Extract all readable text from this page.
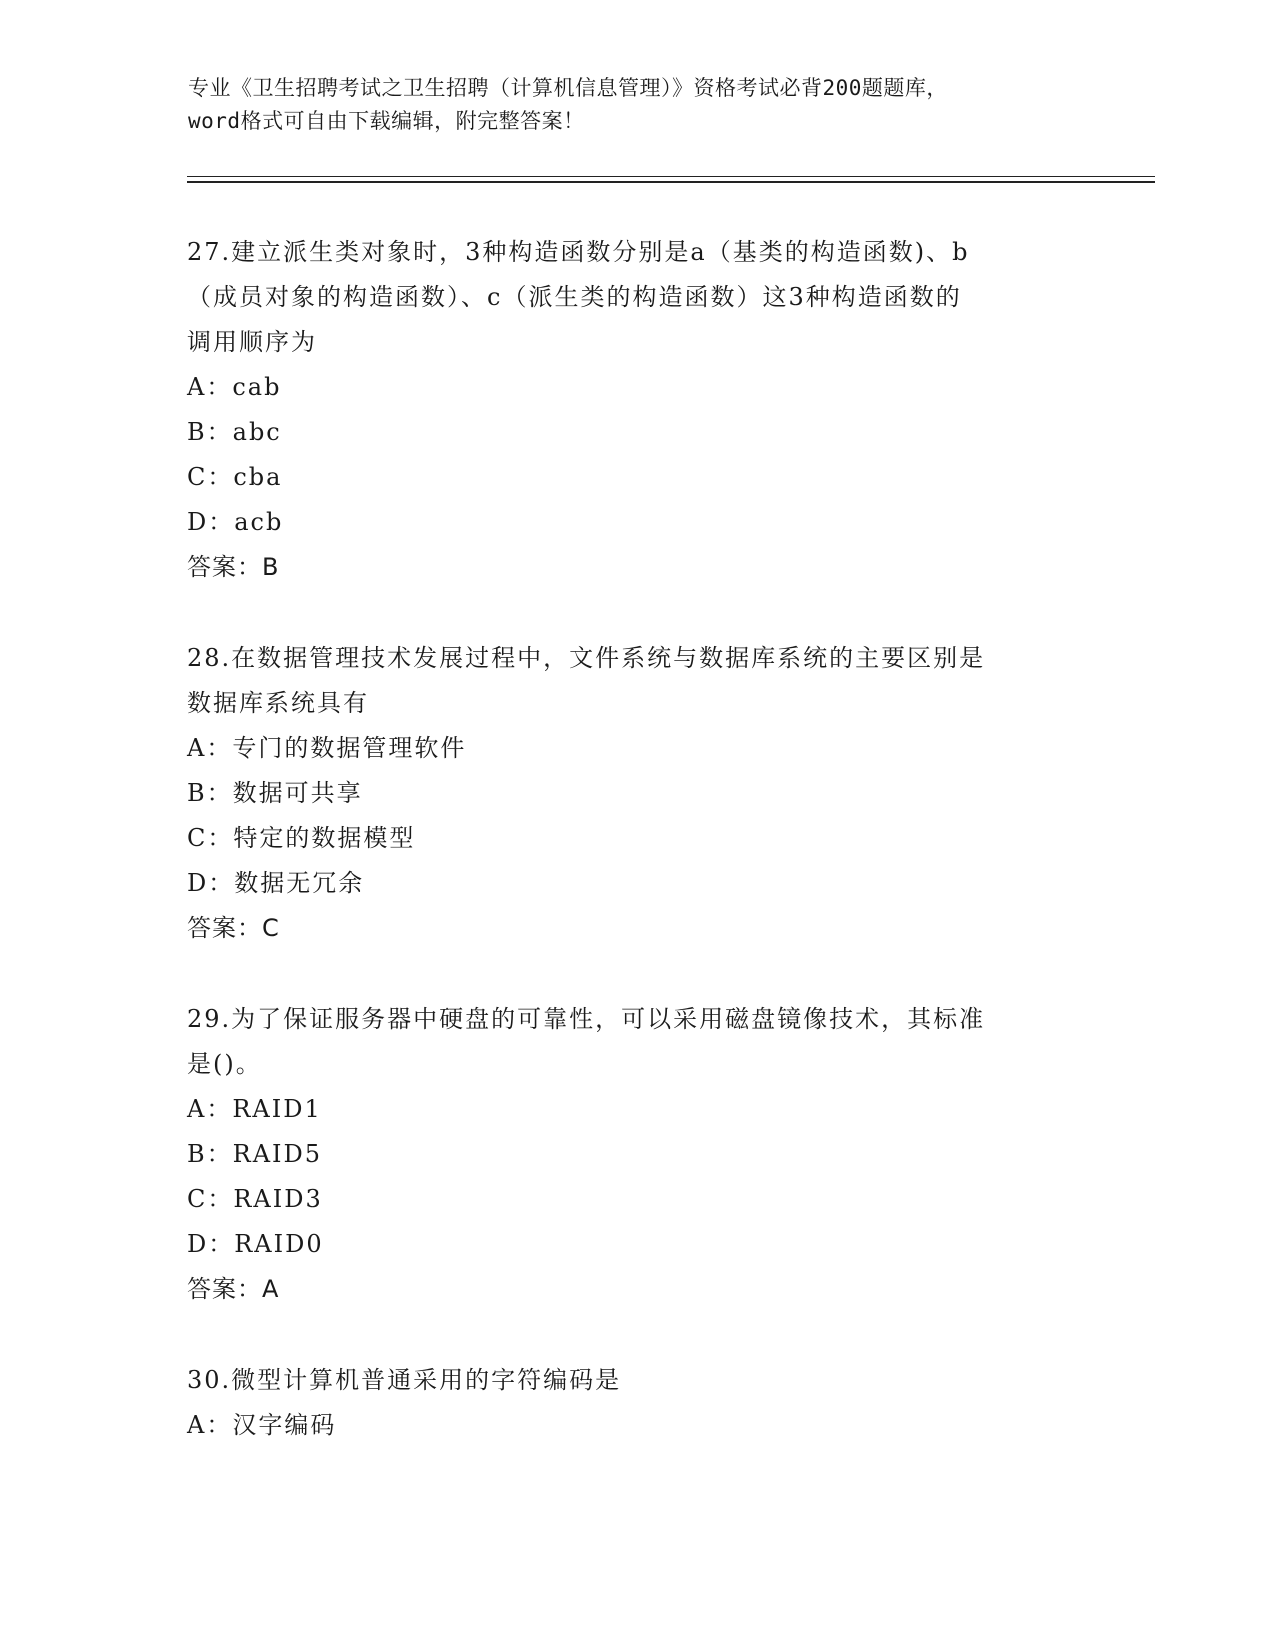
专业《卫生招聘考试之卫生招聘（计算机信息管理）》资格考试必背200题题库，
word格式可自由下载编辑，附完整答案！
27.建立派生类对象时，3种构造函数分别是a（基类的构造函数)、b
（成员对象的构造函数）、c（派生类的构造函数）这3种构造函数的
调用顺序为
A：cab
B：abc
C：cba
D：acb
答案：B
28.在数据管理技术发展过程中，文件系统与数据库系统的主要区别是
数据库系统具有
A：专门的数据管理软件
B：数据可共享
C：特定的数据模型
D：数据无冗余
答案：C
29.为了保证服务器中硬盘的可靠性，可以采用磁盘镜像技术，其标准
是()。
A：RAID1
B：RAID5
C：RAID3
D：RAID0
答案：A
30.微型计算机普通采用的字符编码是
A：汉字编码
